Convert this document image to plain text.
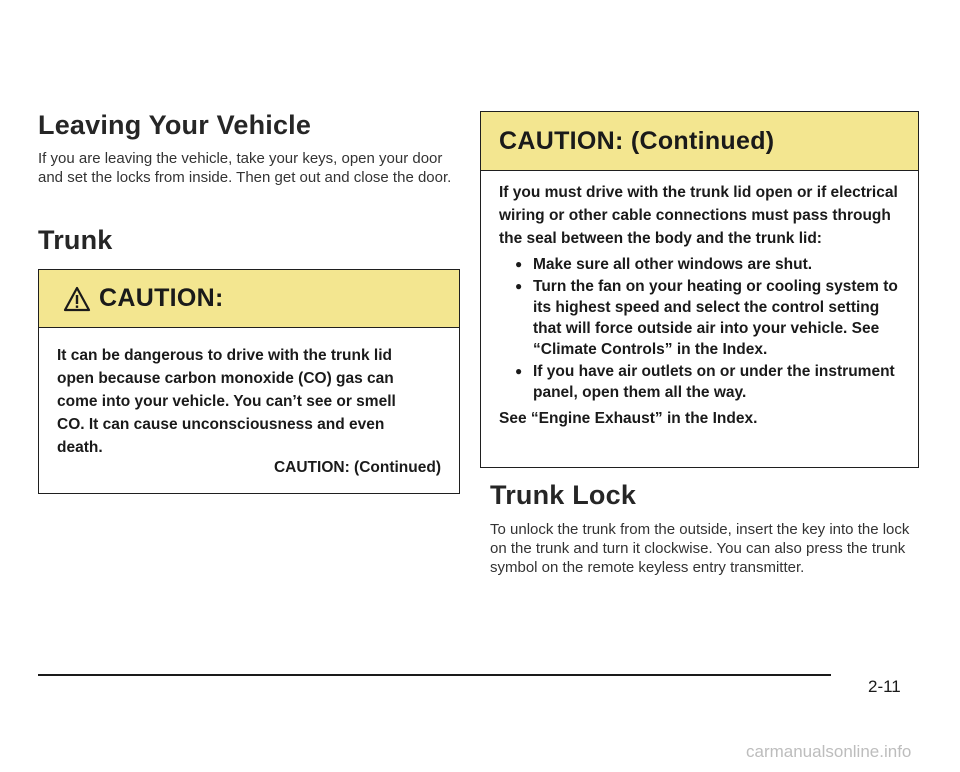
Leaving Your Vehicle

If you are leaving the vehicle, take your keys, open your door and set the locks from inside. Then get out and close the door.

Trunk
CAUTION:
It can be dangerous to drive with the trunk lid open because carbon monoxide (CO) gas can come into your vehicle. You can’t see or smell CO. It can cause unconsciousness and even death.
CAUTION: (Continued)
CAUTION: (Continued)
If you must drive with the trunk lid open or if electrical wiring or other cable connections must pass through the seal between the body and the trunk lid:
● Make sure all other windows are shut.
● Turn the fan on your heating or cooling system to its highest speed and select the control setting that will force outside air into your vehicle. See “Climate Controls” in the Index.
● If you have air outlets on or under the instrument panel, open them all the way.
See “Engine Exhaust” in the Index.
Trunk Lock

To unlock the trunk from the outside, insert the key into the lock on the trunk and turn it clockwise. You can also press the trunk symbol on the remote keyless entry transmitter.

2-11
carmanualsonline.info
